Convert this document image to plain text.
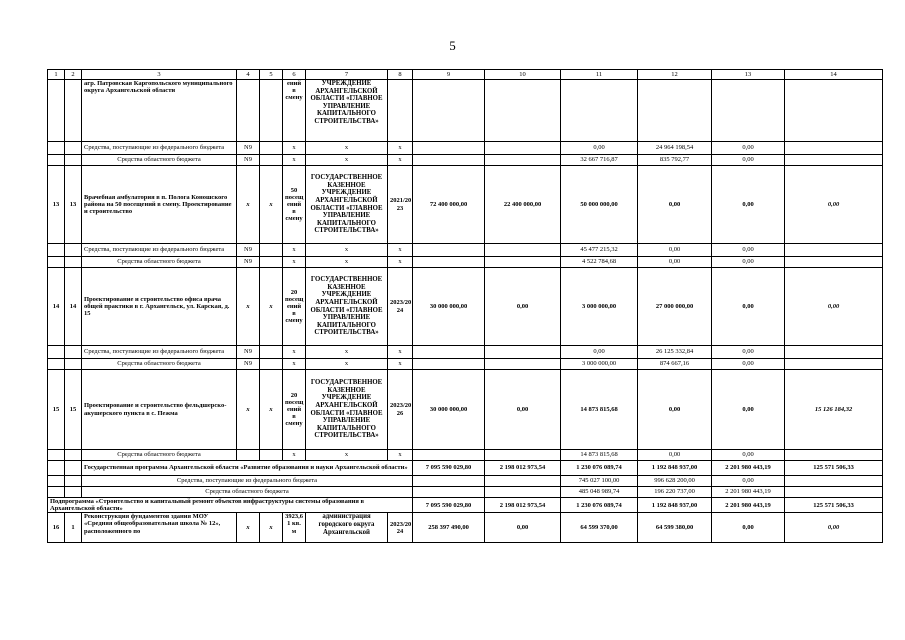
5
1	2	3	4	5	6	7	8	9	10	11	12	13	14
		агр. Патровская Каргопольского муниципального округа Архангельской области			ений в смену	УЧРЕЖДЕНИЕ АРХАНГЕЛЬСКОЙ ОБЛАСТИ «ГЛАВНОЕ УПРАВЛЕНИЕ КАПИТАЛЬНОГО СТРОИТЕЛЬСТВА»							
		Средства, поступающие из федерального бюджета	N9		x	x	x			0,00	24 964 198,54	0,00	
		Средства областного бюджета	N9		x	x	x			32 667 716,87	835 792,77	0,00	
13	13	Врачебная амбулатория в п. Полога Коношского района на 50 посещений в смену. Проектирование и строительство	x	x	50 посещ ений в смену	ГОСУДАРСТВЕННОЕ КАЗЕННОЕ УЧРЕЖДЕНИЕ АРХАНГЕЛЬСКОЙ ОБЛАСТИ «ГЛАВНОЕ УПРАВЛЕНИЕ КАПИТАЛЬНОГО СТРОИТЕЛЬСТВА»	2021/20 23	72 400 000,00	22 400 000,00	50 000 000,00	0,00	0,00	0,00
		Средства, поступающие из федерального бюджета	N9		x	x	x			45 477 215,32	0,00	0,00	
		Средства областного бюджета	N9		x	x	x			4 522 784,68	0,00	0,00	
14	14	Проектирование и строительство офиса врача общей практики в г. Архангельск, ул. Карская, д. 15	x	x	20 посещ ений в смену	ГОСУДАРСТВЕННОЕ КАЗЕННОЕ УЧРЕЖДЕНИЕ АРХАНГЕЛЬСКОЙ ОБЛАСТИ «ГЛАВНОЕ УПРАВЛЕНИЕ КАПИТАЛЬНОГО СТРОИТЕЛЬСТВА»	2023/20 24	30 000 000,00	0,00	3 000 000,00	27 000 000,00	0,00	0,00
		Средства, поступающие из федерального бюджета	N9		x	x	x			0,00	26 125 332,84	0,00	
		Средства областного бюджета	N9		x	x	x			3 000 000,00	874 667,16	0,00	
15	15	Проектирование и строительство фельдшерско-акушерского пункта в с. Пежма	x	x	20 посещ ений в смену	ГОСУДАРСТВЕННОЕ КАЗЕННОЕ УЧРЕЖДЕНИЕ АРХАНГЕЛЬСКОЙ ОБЛАСТИ «ГЛАВНОЕ УПРАВЛЕНИЕ КАПИТАЛЬНОГО СТРОИТЕЛЬСТВА»	2023/20 26	30 000 000,00	0,00	14 873 815,68	0,00	0,00	15 126 184,32
		Средства областного бюджета			x	x	x			14 873 815,68	0,00	0,00	
		Государственная программа Архангельской области «Развитие образования и науки Архангельской области»						7 095 590 029,80	2 198 012 973,54	1 230 076 089,74	1 192 848 937,00	2 201 980 443,19	125 571 506,33
		Средства, поступающие из федерального бюджета								745 027 100,00	996 628 200,00	0,00	
		Средства областного бюджета								485 048 989,74	196 220 737,00	2 201 980 443,19	
Подпрограмма «Строительство и капитальный ремонт объектов инфраструктуры системы образования в Архангельской области»								7 095 590 029,80	2 198 012 973,54	1 230 076 089,74	1 192 848 937,00	2 201 980 443,19	125 571 506,33
16	1	Реконструкция фундаментов здания МОУ «Средняя общеобразовательная школа № 12», расположенного по	x	x	3923,6 1 кв. м	администрация городского округа Архангельской	2023/20 24	258 397 490,00	0,00	64 599 370,00	64 599 380,00	0,00	0,00
